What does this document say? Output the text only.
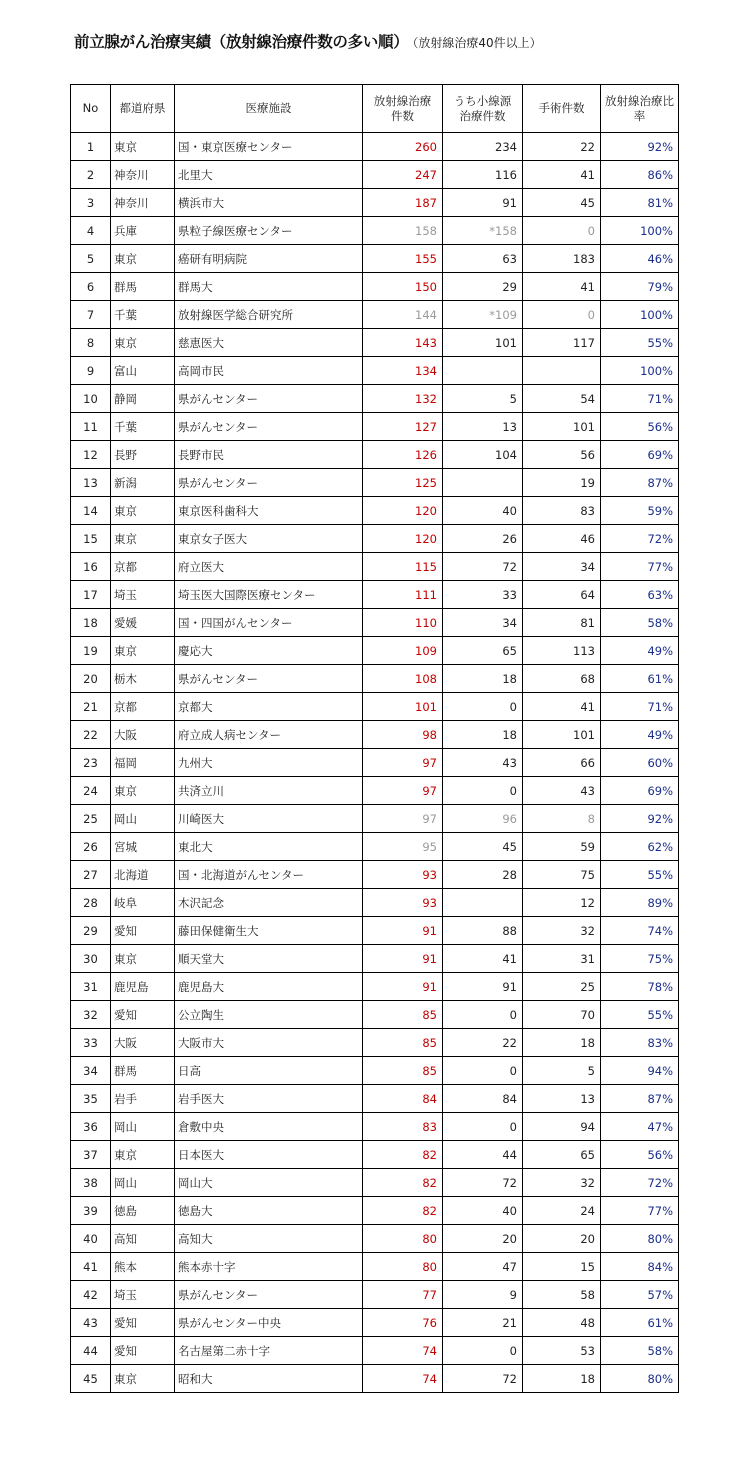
前立腺がん治療実績（放射線治療件数の多い順） （放射線治療40件以上）
No	都道府県	医療施設	放射線治療件数	うち小線源治療件数	手術件数	放射線治療比率
1	東京	国・東京医療センター	260	234	22	92%
2	神奈川	北里大	247	116	41	86%
3	神奈川	横浜市大	187	91	45	81%
4	兵庫	県粒子線医療センター	158	*158	0	100%
5	東京	癌研有明病院	155	63	183	46%
6	群馬	群馬大	150	29	41	79%
7	千葉	放射線医学総合研究所	144	*109	0	100%
8	東京	慈恵医大	143	101	117	55%
9	富山	高岡市民	134			100%
10	静岡	県がんセンター	132	5	54	71%
11	千葉	県がんセンター	127	13	101	56%
12	長野	長野市民	126	104	56	69%
13	新潟	県がんセンター	125		19	87%
14	東京	東京医科歯科大	120	40	83	59%
15	東京	東京女子医大	120	26	46	72%
16	京都	府立医大	115	72	34	77%
17	埼玉	埼玉医大国際医療センター	111	33	64	63%
18	愛媛	国・四国がんセンター	110	34	81	58%
19	東京	慶応大	109	65	113	49%
20	栃木	県がんセンター	108	18	68	61%
21	京都	京都大	101	0	41	71%
22	大阪	府立成人病センター	98	18	101	49%
23	福岡	九州大	97	43	66	60%
24	東京	共済立川	97	0	43	69%
25	岡山	川崎医大	97	96	8	92%
26	宮城	東北大	95	45	59	62%
27	北海道	国・北海道がんセンター	93	28	75	55%
28	岐阜	木沢記念	93		12	89%
29	愛知	藤田保健衛生大	91	88	32	74%
30	東京	順天堂大	91	41	31	75%
31	鹿児島	鹿児島大	91	91	25	78%
32	愛知	公立陶生	85	0	70	55%
33	大阪	大阪市大	85	22	18	83%
34	群馬	日高	85	0	5	94%
35	岩手	岩手医大	84	84	13	87%
36	岡山	倉敷中央	83	0	94	47%
37	東京	日本医大	82	44	65	56%
38	岡山	岡山大	82	72	32	72%
39	徳島	徳島大	82	40	24	77%
40	高知	高知大	80	20	20	80%
41	熊本	熊本赤十字	80	47	15	84%
42	埼玉	県がんセンター	77	9	58	57%
43	愛知	県がんセンター中央	76	21	48	61%
44	愛知	名古屋第二赤十字	74	0	53	58%
45	東京	昭和大	74	72	18	80%
